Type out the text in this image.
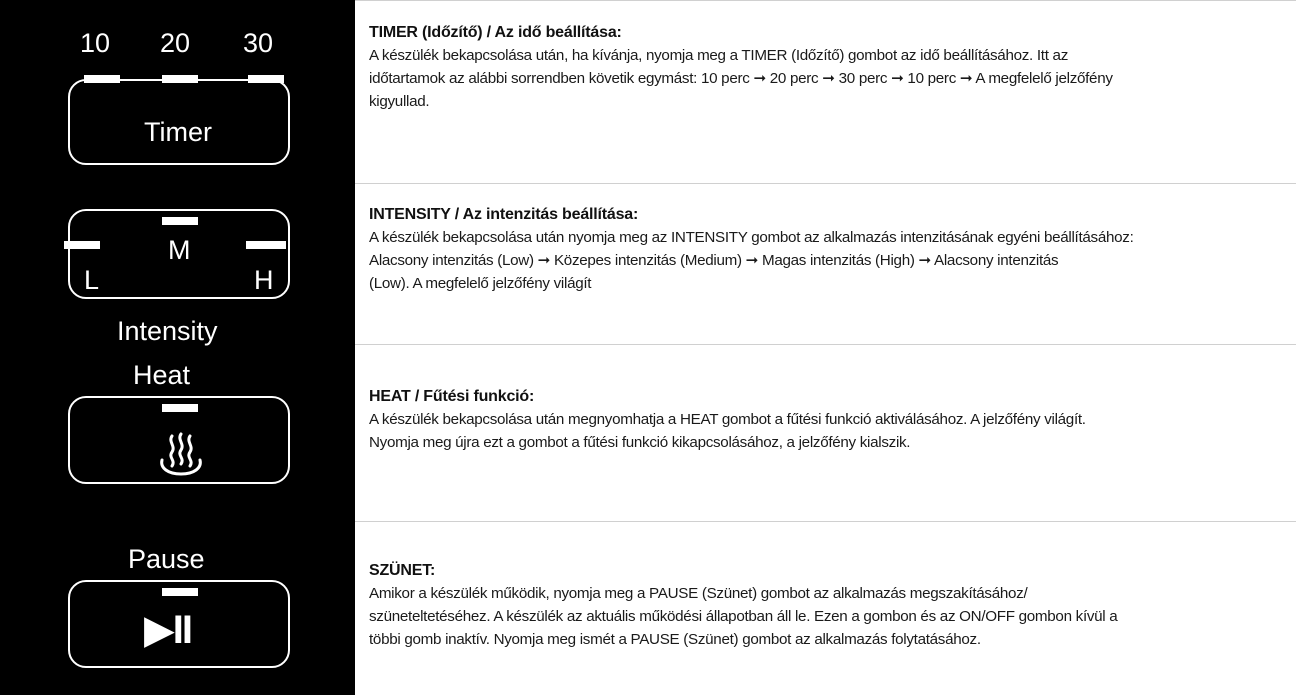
10 20 30
Timer
M
L	H
Intensity
Heat
Pause
▶II
TIMER (Időzítő) / Az idő beállítása:
A készülék bekapcsolása után, ha kívánja, nyomja meg a TIMER (Időzítő) gombot az idő beállításához. Itt az
időtartamok az alábbi sorrendben követik egymást: 10 perc ➞ 20 perc ➞ 30 perc ➞ 10 perc ➞ A megfelelő jelzőfény
kigyullad.
INTENSITY / Az intenzitás beállítása:
A készülék bekapcsolása után nyomja meg az INTENSITY gombot az alkalmazás intenzitásának egyéni beállításához:
Alacsony intenzitás (Low) ➞ Közepes intenzitás (Medium) ➞ Magas intenzitás (High) ➞ Alacsony intenzitás
(Low). A megfelelő jelzőfény világít
HEAT / Fűtési funkció:
A készülék bekapcsolása után megnyomhatja a HEAT gombot a fűtési funkció aktiválásához. A jelzőfény világít.
Nyomja meg újra ezt a gombot a fűtési funkció kikapcsolásához, a jelzőfény kialszik.
SZÜNET:
Amikor a készülék működik, nyomja meg a PAUSE (Szünet) gombot az alkalmazás megszakításához/
szüneteltetéséhez. A készülék az aktuális működési állapotban áll le. Ezen a gombon és az ON/OFF gombon kívül a
többi gomb inaktív. Nyomja meg ismét a PAUSE (Szünet) gombot az alkalmazás folytatásához.
